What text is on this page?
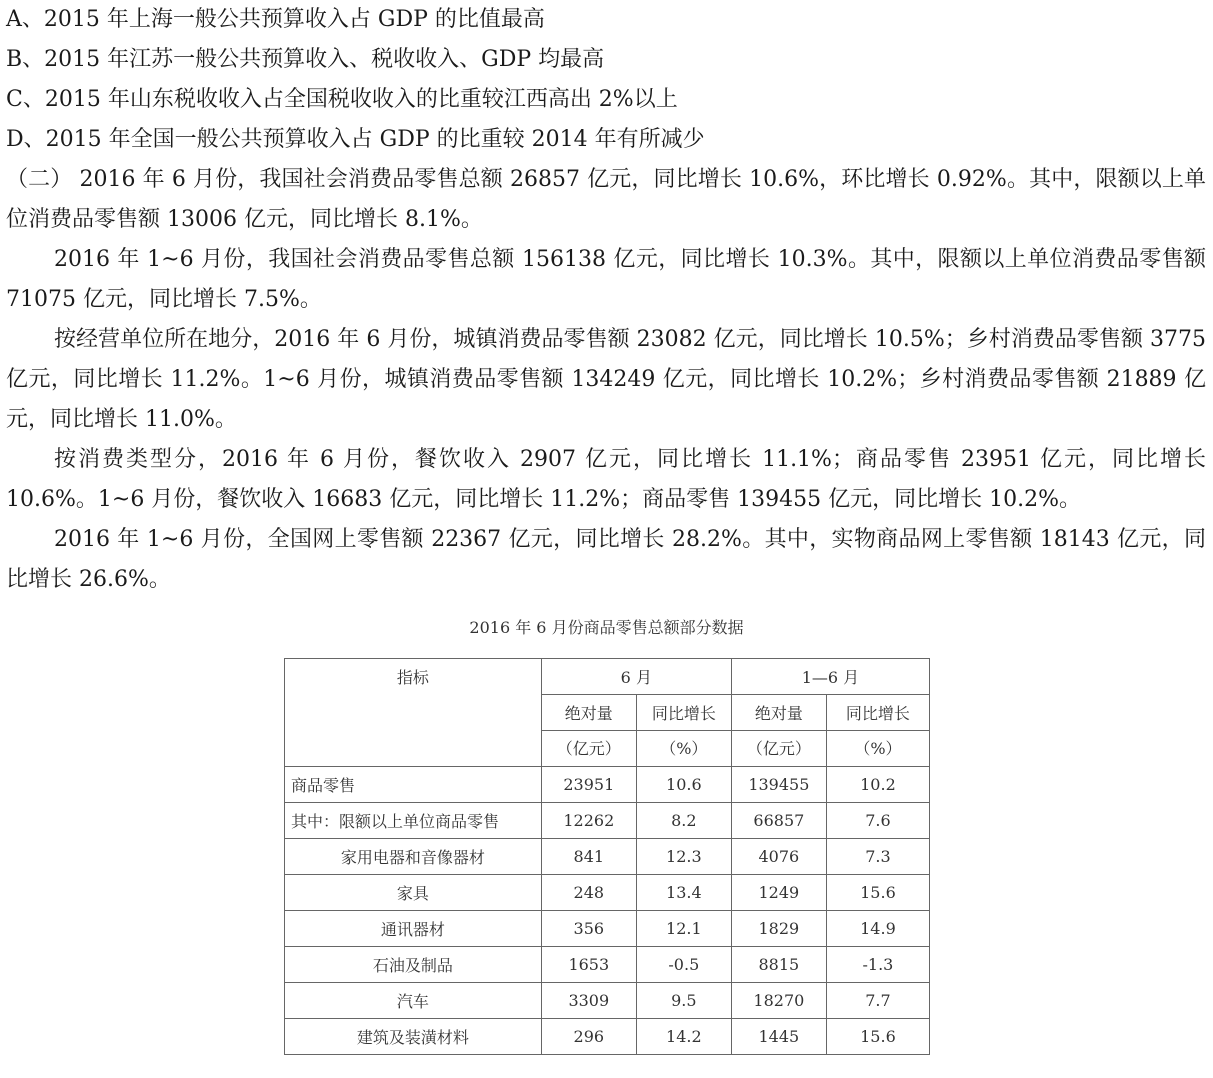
A、2015 年上海一般公共预算收入占 GDP 的比值最高
B、2015 年江苏一般公共预算收入、税收收入、GDP 均最高
C、2015 年山东税收收入占全国税收收入的比重较江西高出 2%以上
D、2015 年全国一般公共预算收入占 GDP 的比重较 2014 年有所减少
（二） 2016 年 6 月份，我国社会消费品零售总额 26857 亿元，同比增长 10.6%，环比增长 0.92%。其中，限额以上单位消费品零售额 13006 亿元，同比增长 8.1%。
2016 年 1~6 月份，我国社会消费品零售总额 156138 亿元，同比增长 10.3%。其中，限额以上单位消费品零售额 71075 亿元，同比增长 7.5%。
按经营单位所在地分，2016 年 6 月份，城镇消费品零售额 23082 亿元，同比增长 10.5%；乡村消费品零售额 3775 亿元，同比增长 11.2%。1~6 月份，城镇消费品零售额 134249 亿元，同比增长 10.2%；乡村消费品零售额 21889 亿元，同比增长 11.0%。
按消费类型分，2016 年 6 月份，餐饮收入 2907 亿元，同比增长 11.1%；商品零售 23951 亿元，同比增长 10.6%。1~6 月份，餐饮收入 16683 亿元，同比增长 11.2%；商品零售 139455 亿元，同比增长 10.2%。
2016 年 1~6 月份，全国网上零售额 22367 亿元，同比增长 28.2%。其中，实物商品网上零售额 18143 亿元，同比增长 26.6%。
2016 年 6 月份商品零售总额部分数据
指标	6 月		1—6 月	
	绝对量	同比增长	绝对量	同比增长
	（亿元）	（%）	（亿元）	（%）
商品零售	23951	10.6	139455	10.2
其中：限额以上单位商品零售	12262	8.2	66857	7.6
家用电器和音像器材	841	12.3	4076	7.3
家具	248	13.4	1249	15.6
通讯器材	356	12.1	1829	14.9
石油及制品	1653	-0.5	8815	-1.3
汽车	3309	9.5	18270	7.7
建筑及装潢材料	296	14.2	1445	15.6
